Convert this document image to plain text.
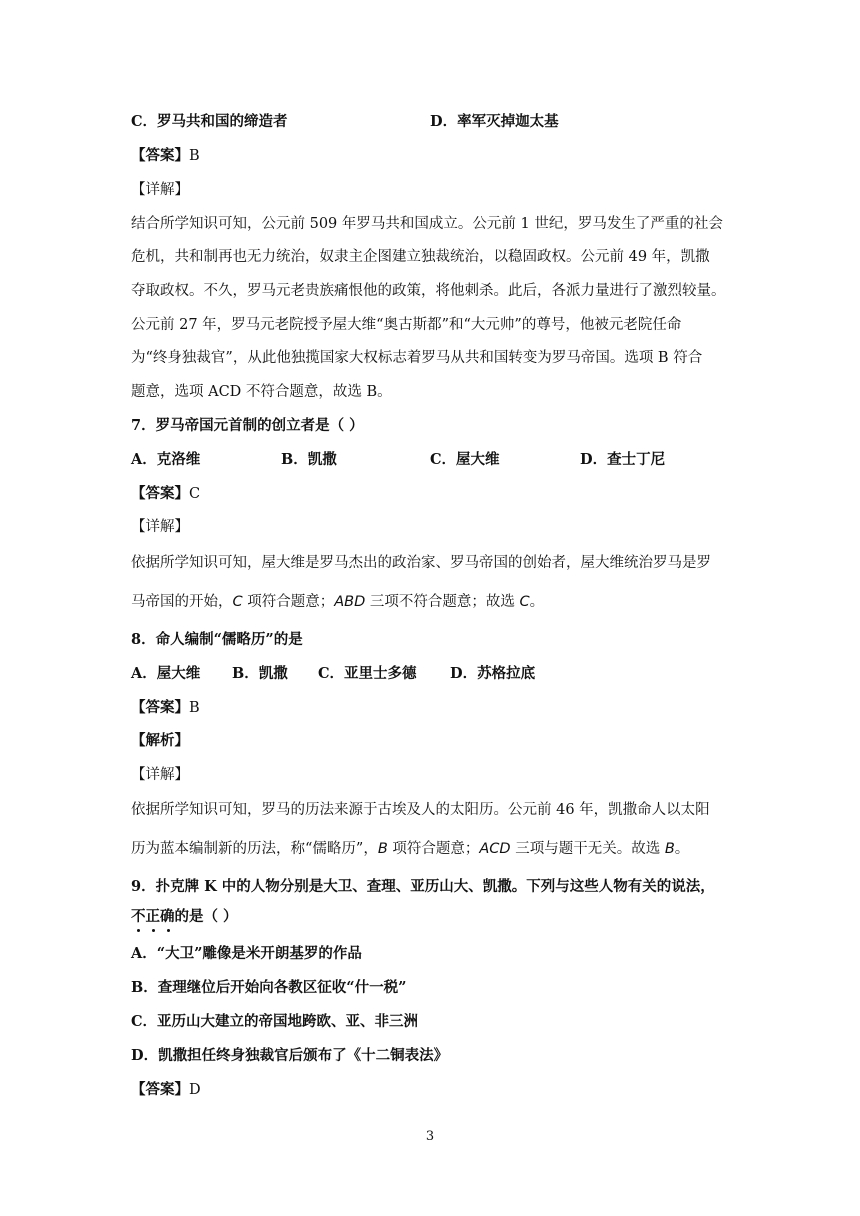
C．罗马共和国的缔造者	D．率军灭掉迦太基
【答案】B
【详解】
结合所学知识可知，公元前 509 年罗马共和国成立。公元前 1 世纪，罗马发生了严重的社会
危机，共和制再也无力统治，奴隶主企图建立独裁统治，以稳固政权。公元前 49 年，凯撒
夺取政权。不久，罗马元老贵族痛恨他的政策，将他刺杀。此后，各派力量进行了激烈较量。
公元前 27 年，罗马元老院授予屋大维“奥古斯都”和“大元帅”的尊号，他被元老院任命
为“终身独裁官”，从此他独揽国家大权标志着罗马从共和国转变为罗马帝国。选项 B 符合
题意，选项 ACD 不符合题意，故选 B。
7．罗马帝国元首制的创立者是（ ）
A．克洛维	B．凯撒	C．屋大维	D．查士丁尼
【答案】C
【详解】
依据所学知识可知，屋大维是罗马杰出的政治家、罗马帝国的创始者，屋大维统治罗马是罗
马帝国的开始，C 项符合题意；ABD 三项不符合题意；故选 C。
8．命人编制“儒略历”的是
A．屋大维 B．凯撒 C．亚里士多德 D．苏格拉底
【答案】B
【解析】
【详解】
依据所学知识可知，罗马的历法来源于古埃及人的太阳历。公元前 46 年，凯撒命人以太阳
历为蓝本编制新的历法，称“儒略历”，B 项符合题意；ACD 三项与题干无关。故选 B。
9．扑克牌 K 中的人物分别是大卫、查理、亚历山大、凯撒。下列与这些人物有关的说法，
不正确的是（ ）
A．“大卫”雕像是米开朗基罗的作品
B．查理继位后开始向各教区征收“什一税”
C．亚历山大建立的帝国地跨欧、亚、非三洲
D．凯撒担任终身独裁官后颁布了《十二铜表法》
【答案】D
3
